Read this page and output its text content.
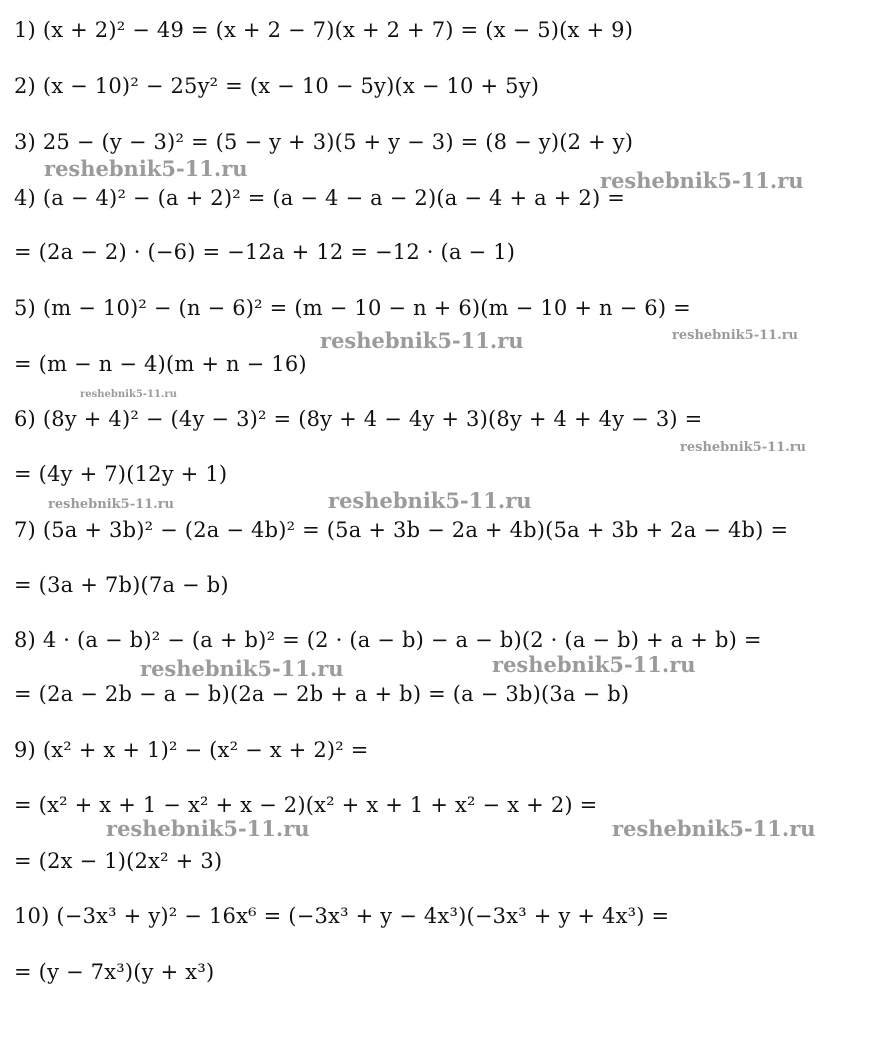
1) (x + 2)² − 49 = (x + 2 − 7)(x + 2 + 7) = (x − 5)(x + 9)
2) (x − 10)² − 25y² = (x − 10 − 5y)(x − 10 + 5y)
3) 25 − (y − 3)² = (5 − y + 3)(5 + y − 3) = (8 − y)(2 + y)
4) (a − 4)² − (a + 2)² = (a − 4 − a − 2)(a − 4 + a + 2) =
= (2a − 2) · (−6) = −12a + 12 = −12 · (a − 1)
5) (m − 10)² − (n − 6)² = (m − 10 − n + 6)(m − 10 + n − 6) =
= (m − n − 4)(m + n − 16)
6) (8y + 4)² − (4y − 3)² = (8y + 4 − 4y + 3)(8y + 4 + 4y − 3) =
= (4y + 7)(12y + 1)
7) (5a + 3b)² − (2a − 4b)² = (5a + 3b − 2a + 4b)(5a + 3b + 2a − 4b) =
= (3a + 7b)(7a − b)
8) 4 · (a − b)² − (a + b)² = (2 · (a − b) − a − b)(2 · (a − b) + a + b) =
= (2a − 2b − a − b)(2a − 2b + a + b) = (a − 3b)(3a − b)
9) (x² + x + 1)² − (x² − x + 2)² =
= (x² + x + 1 − x² + x − 2)(x² + x + 1 + x² − x + 2) =
= (2x − 1)(2x² + 3)
10) (−3x³ + y)² − 16x⁶ = (−3x³ + y − 4x³)(−3x³ + y + 4x³) =
= (y − 7x³)(y + x³)
reshebnik5-11.ru	reshebnik5-11.ru
reshebnik5-11.ru	reshebnik5-11.ru
reshebnik5-11.ru
reshebnik5-11.ru
reshebnik5-11.ru	reshebnik5-11.ru
reshebnik5-11.ru	reshebnik5-11.ru
reshebnik5-11.ru	reshebnik5-11.ru
